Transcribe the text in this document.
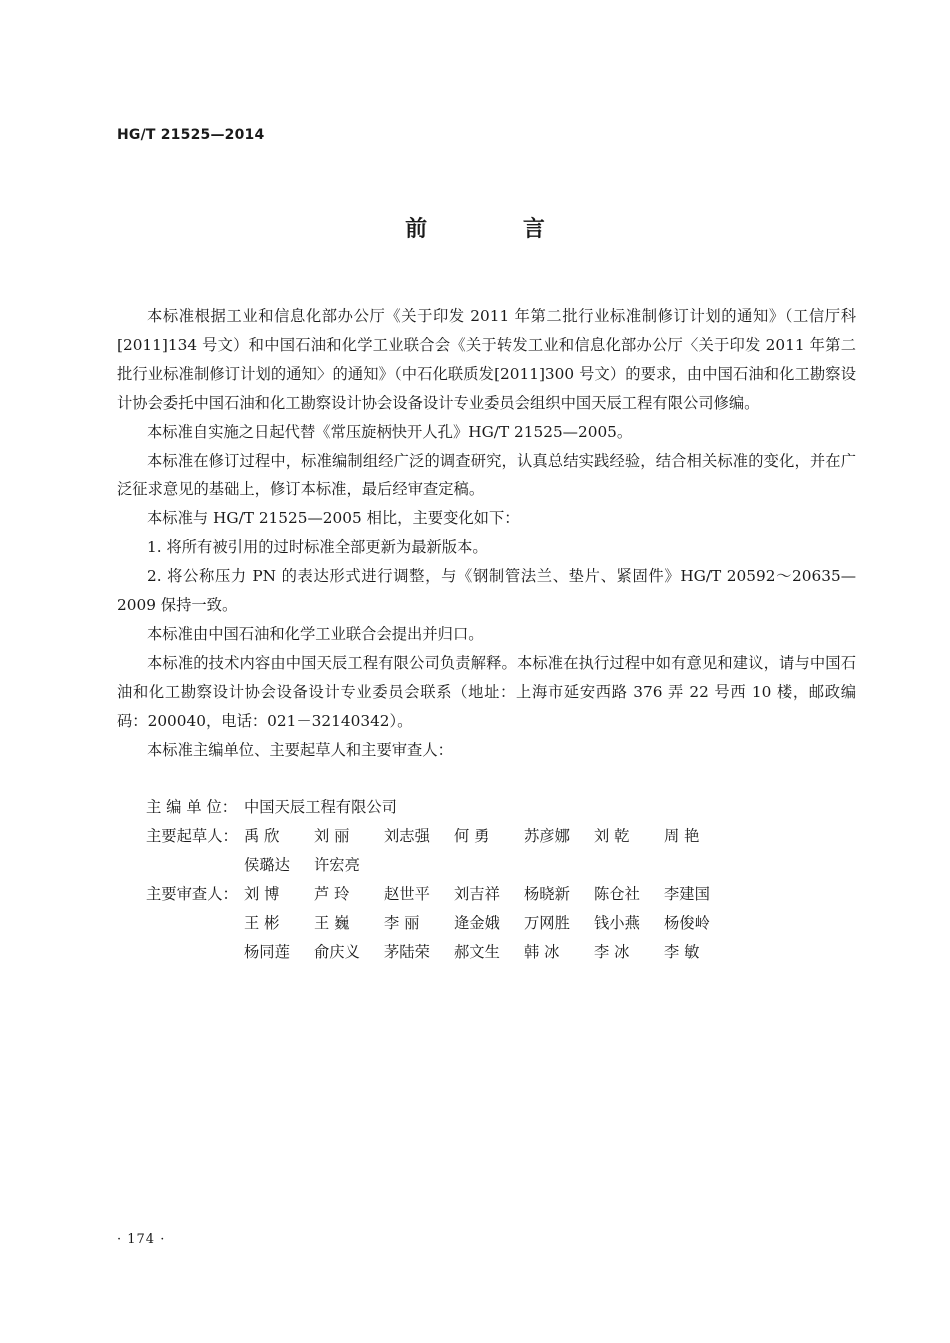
HG/T 21525—2014
前 言

本标准根据工业和信息化部办公厅《关于印发 2011 年第二批行业标准制修订计划的通知》（工信厅科[2011]134 号文）和中国石油和化学工业联合会《关于转发工业和信息化部办公厅〈关于印发 2011 年第二批行业标准制修订计划的通知〉的通知》（中石化联质发[2011]300 号文）的要求，由中国石油和化工勘察设计协会委托中国石油和化工勘察设计协会设备设计专业委员会组织中国天辰工程有限公司修编。

本标准自实施之日起代替《常压旋柄快开人孔》HG/T 21525—2005。

本标准在修订过程中，标准编制组经广泛的调查研究，认真总结实践经验，结合相关标准的变化，并在广泛征求意见的基础上，修订本标准，最后经审查定稿。

本标准与 HG/T 21525—2005 相比，主要变化如下：

1. 将所有被引用的过时标准全部更新为最新版本。

2. 将公称压力 PN 的表达形式进行调整，与《钢制管法兰、垫片、紧固件》HG/T 20592～20635—2009 保持一致。

本标准由中国石油和化学工业联合会提出并归口。

本标准的技术内容由中国天辰工程有限公司负责解释。本标准在执行过程中如有意见和建议，请与中国石油和化工勘察设计协会设备设计专业委员会联系（地址：上海市延安西路 376 弄 22 号西 10 楼，邮政编码：200040，电话：021－32140342）。

本标准主编单位、主要起草人和主要审查人：

主 编 单 位： 中国天辰工程有限公司
主要起草人： 禹 欣	刘 丽	刘志强	何 勇	苏彦娜	刘 乾	周 艳
侯璐达	许宏亮
主要审查人： 刘 博	芦 玲	赵世平	刘吉祥	杨晓新	陈仓社	李建国
王 彬	王 巍	李 丽	逄金娥	万网胜	钱小燕	杨俊岭
杨同莲	俞庆义	茅陆荣	郝文生	韩 冰	李 冰	李 敏
· 174 ·
